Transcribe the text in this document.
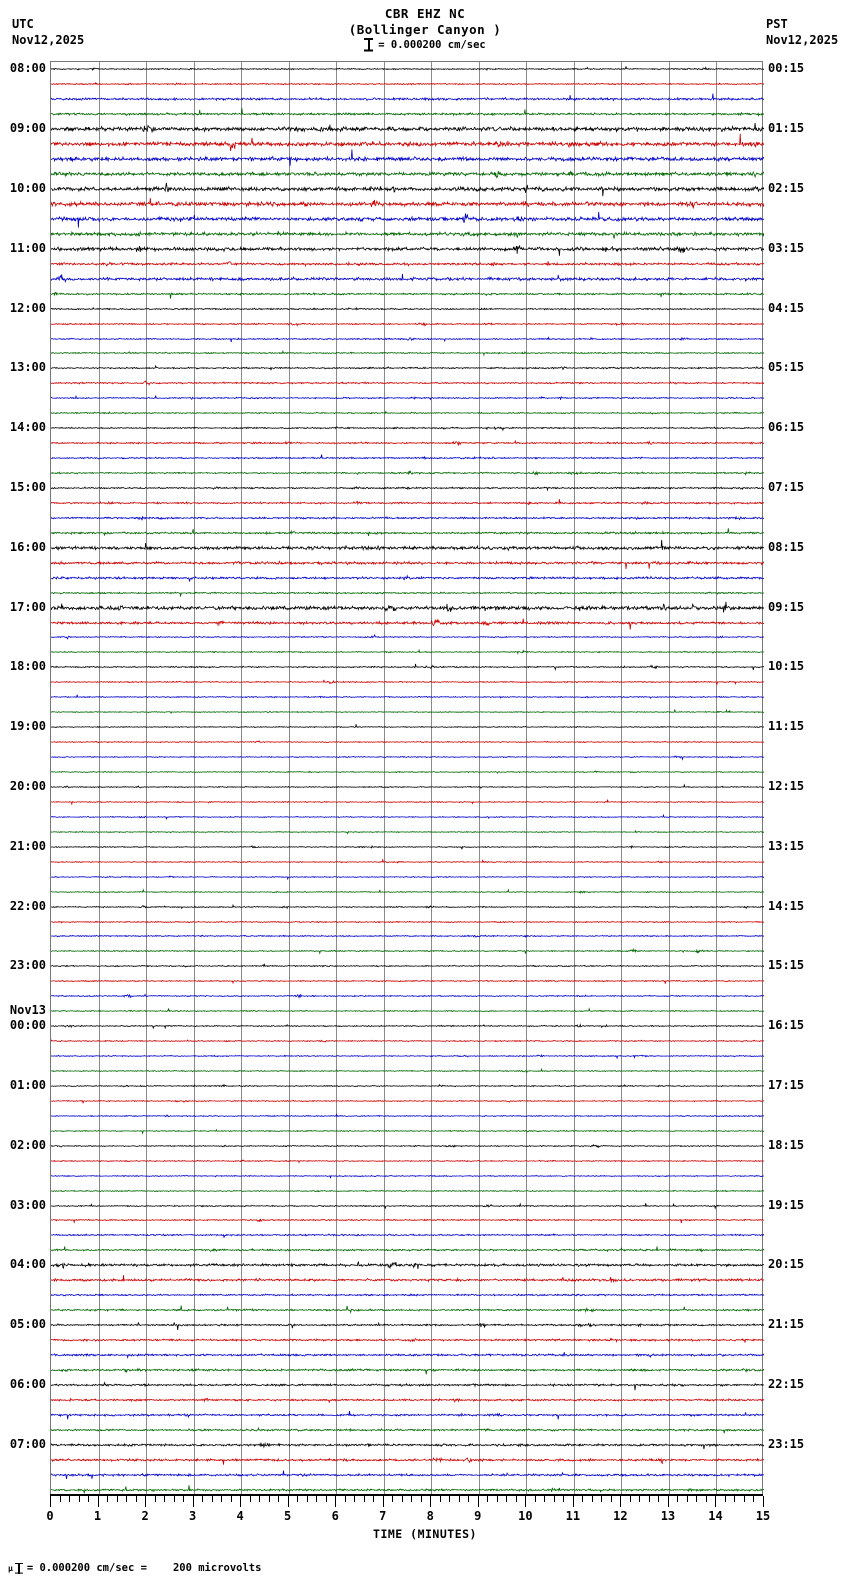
CBR EHZ NC
(Bollinger Canyon )
= 0.000200 cm/sec
UTC
Nov12,2025
PST
Nov12,2025
08:00
09:00
10:00
11:00
12:00
13:00
14:00
15:00
16:00
17:00
18:00
19:00
20:00
21:00
22:00
23:00
00:00
Nov13
01:00
02:00
03:00
04:00
05:00
06:00
07:00
00:15
01:15
02:15
03:15
04:15
05:15
06:15
07:15
08:15
09:15
10:15
11:15
12:15
13:15
14:15
15:15
16:15
17:15
18:15
19:15
20:15
21:15
22:15
23:15
0	1	2	3	4	5	6	7	8	9	10	11	12	13	14	15
TIME (MINUTES)
μ = 0.000200 cm/sec = 200 microvolts
